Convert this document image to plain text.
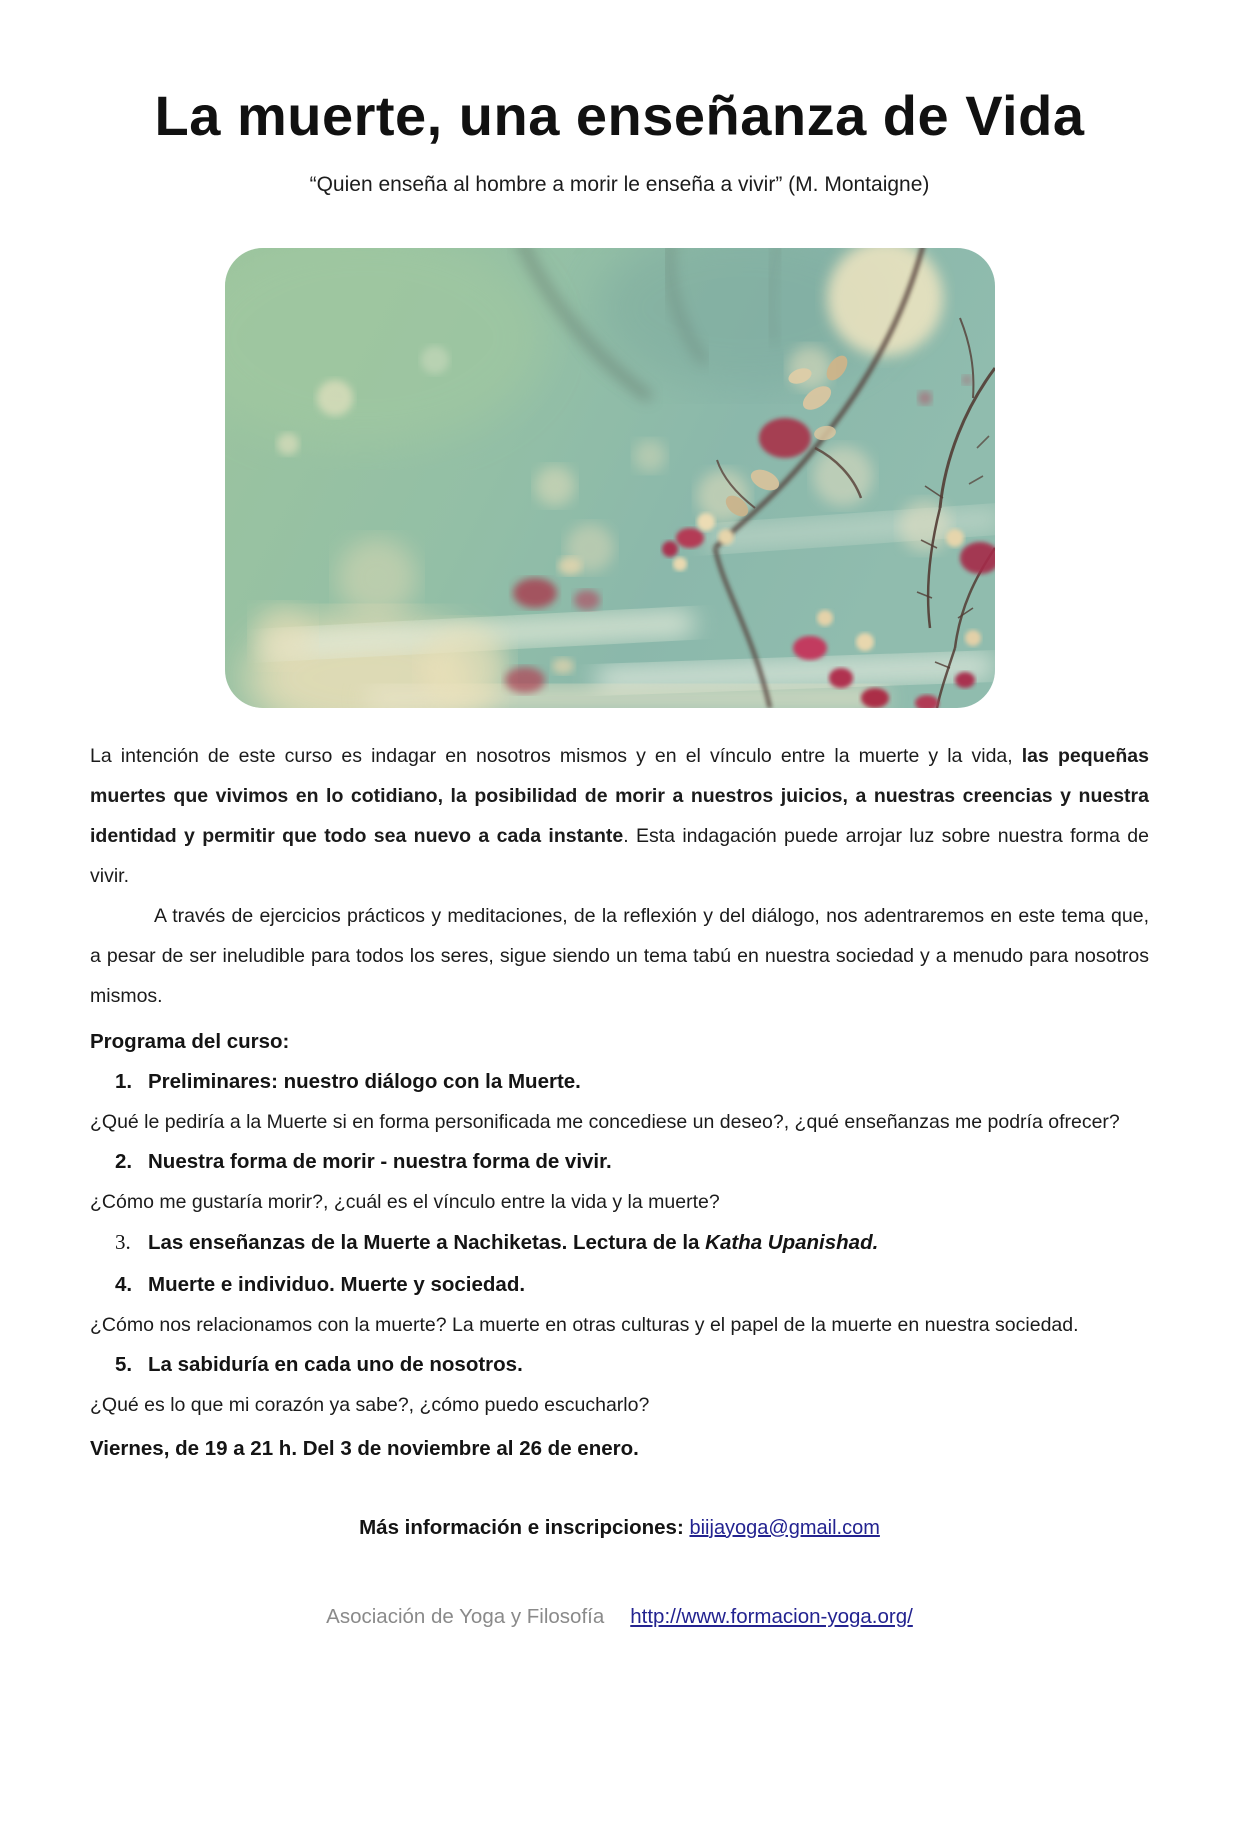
La muerte, una enseñanza de Vida
“Quien enseña al hombre a morir le enseña a vivir” (M. Montaigne)

La intención de este curso es indagar en nosotros mismos y en el vínculo entre la muerte y la vida, las pequeñas muertes que vivimos en lo cotidiano, la posibilidad de morir a nuestros juicios, a nuestras creencias y nuestra identidad y permitir que todo sea nuevo a cada instante. Esta indagación puede arrojar luz sobre nuestra forma de vivir.

A través de ejercicios prácticos y meditaciones, de la reflexión y del diálogo, nos adentraremos en este tema que, a pesar de ser ineludible para todos los seres, sigue siendo un tema tabú en nuestra sociedad y a menudo para nosotros mismos.

Programa del curso:
1. Preliminares: nuestro diálogo con la Muerte.

¿Qué le pediría a la Muerte si en forma personificada me concediese un deseo?, ¿qué enseñanzas me podría ofrecer?

2. Nuestra forma de morir - nuestra forma de vivir.

¿Cómo me gustaría morir?, ¿cuál es el vínculo entre la vida y la muerte?

3. Las enseñanzas de la Muerte a Nachiketas. Lectura de la Katha Upanishad.
4. Muerte e individuo. Muerte y sociedad.

¿Cómo nos relacionamos con la muerte? La muerte en otras culturas y el papel de la muerte en nuestra sociedad.

5. La sabiduría en cada uno de nosotros.

¿Qué es lo que mi corazón ya sabe?, ¿cómo puedo escucharlo?

Viernes, de 19 a 21 h. Del 3 de noviembre al 26 de enero.

Más información e inscripciones: biijayoga@gmail.com

Asociación de Yoga y Filosofía http://www.formacion-yoga.org/
